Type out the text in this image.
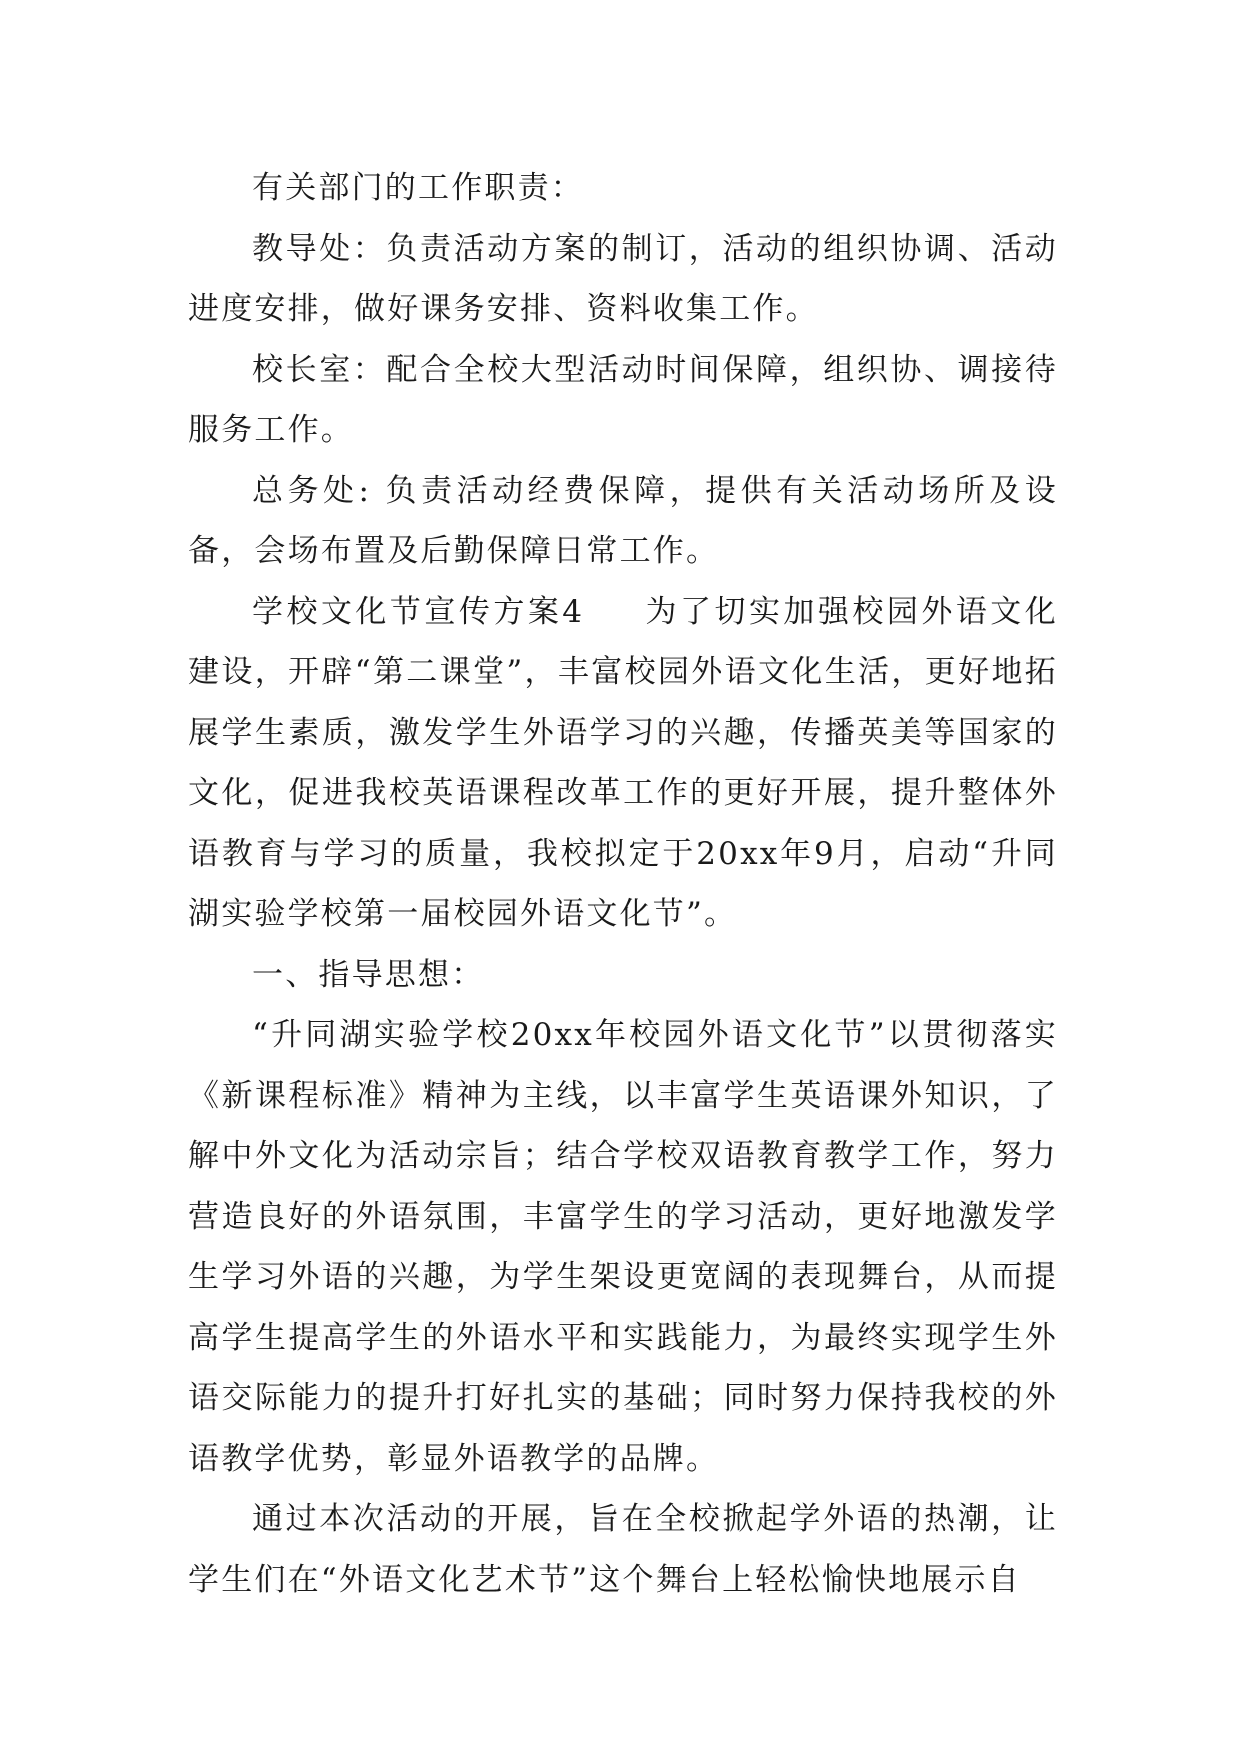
有关部门的工作职责：

教导处：负责活动方案的制订，活动的组织协调、活动进度安排，做好课务安排、资料收集工作。

校长室：配合全校大型活动时间保障，组织协、调接待服务工作。

总务处: 负责活动经费保障，提供有关活动场所及设备，会场布置及后勤保障日常工作。

学校文化节宣传方案4 为了切实加强校园外语文化建设，开辟“第二课堂”，丰富校园外语文化生活，更好地拓展学生素质，激发学生外语学习的兴趣，传播英美等国家的文化，促进我校英语课程改革工作的更好开展，提升整体外语教育与学习的质量，我校拟定于20xx年9月，启动“升同湖实验学校第一届校园外语文化节”。

一、指导思想：

“升同湖实验学校20xx年校园外语文化节”以贯彻落实《新课程标准》精神为主线，以丰富学生英语课外知识，了解中外文化为活动宗旨；结合学校双语教育教学工作，努力营造良好的外语氛围，丰富学生的学习活动，更好地激发学生学习外语的兴趣，为学生架设更宽阔的表现舞台，从而提高学生提高学生的外语水平和实践能力，为最终实现学生外语交际能力的提升打好扎实的基础；同时努力保持我校的外语教学优势，彰显外语教学的品牌。

通过本次活动的开展，旨在全校掀起学外语的热潮，让学生们在“外语文化艺术节”这个舞台上轻松愉快地展示自
